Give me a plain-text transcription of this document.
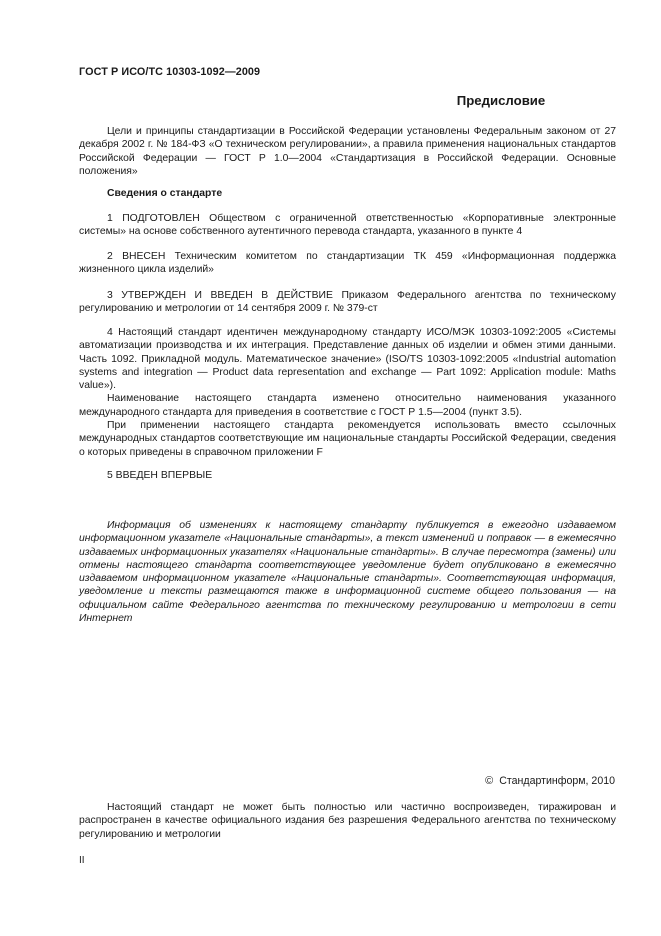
ГОСТ Р ИСО/ТС 10303-1092—2009
Предисловие

Цели и принципы стандартизации в Российской Федерации установлены Федеральным законом от 27 декабря 2002 г. № 184-ФЗ «О техническом регулировании», а правила применения национальных стандартов Российской Федерации — ГОСТ Р 1.0—2004 «Стандартизация в Российской Федерации. Основные положения»

Сведения о стандарте

1 ПОДГОТОВЛЕН Обществом с ограниченной ответственностью «Корпоративные электронные системы» на основе собственного аутентичного перевода стандарта, указанного в пункте 4

2 ВНЕСЕН Техническим комитетом по стандартизации ТК 459 «Информационная поддержка жизненного цикла изделий»

3 УТВЕРЖДЕН И ВВЕДЕН В ДЕЙСТВИЕ Приказом Федерального агентства по техническому регулированию и метрологии от 14 сентября 2009 г. № 379-ст

4 Настоящий стандарт идентичен международному стандарту ИСО/МЭК 10303-1092:2005 «Системы автоматизации производства и их интеграция. Представление данных об изделии и обмен этими данными. Часть 1092. Прикладной модуль. Математическое значение» (ISO/TS 10303-1092:2005 «Industrial automation systems and integration — Product data representation and exchange — Part 1092: Application module: Maths value»).

Наименование настоящего стандарта изменено относительно наименования указанного международного стандарта для приведения в соответствие с ГОСТ Р 1.5—2004 (пункт 3.5).

При применении настоящего стандарта рекомендуется использовать вместо ссылочных международных стандартов соответствующие им национальные стандарты Российской Федерации, сведения о которых приведены в справочном приложении F

5 ВВЕДЕН ВПЕРВЫЕ

Информация об изменениях к настоящему стандарту публикуется в ежегодно издаваемом информационном указателе «Национальные стандарты», а текст изменений и поправок — в ежемесячно издаваемых информационных указателях «Национальные стандарты». В случае пересмотра (замены) или отмены настоящего стандарта соответствующее уведомление будет опубликовано в ежемесячно издаваемом информационном указателе «Национальные стандарты». Соответствующая информация, уведомление и тексты размещаются также в информационной системе общего пользования — на официальном сайте Федерального агентства по техническому регулированию и метрологии в сети Интернет

© Стандартинформ, 2010

Настоящий стандарт не может быть полностью или частично воспроизведен, тиражирован и распространен в качестве официального издания без разрешения Федерального агентства по техническому регулированию и метрологии

II
